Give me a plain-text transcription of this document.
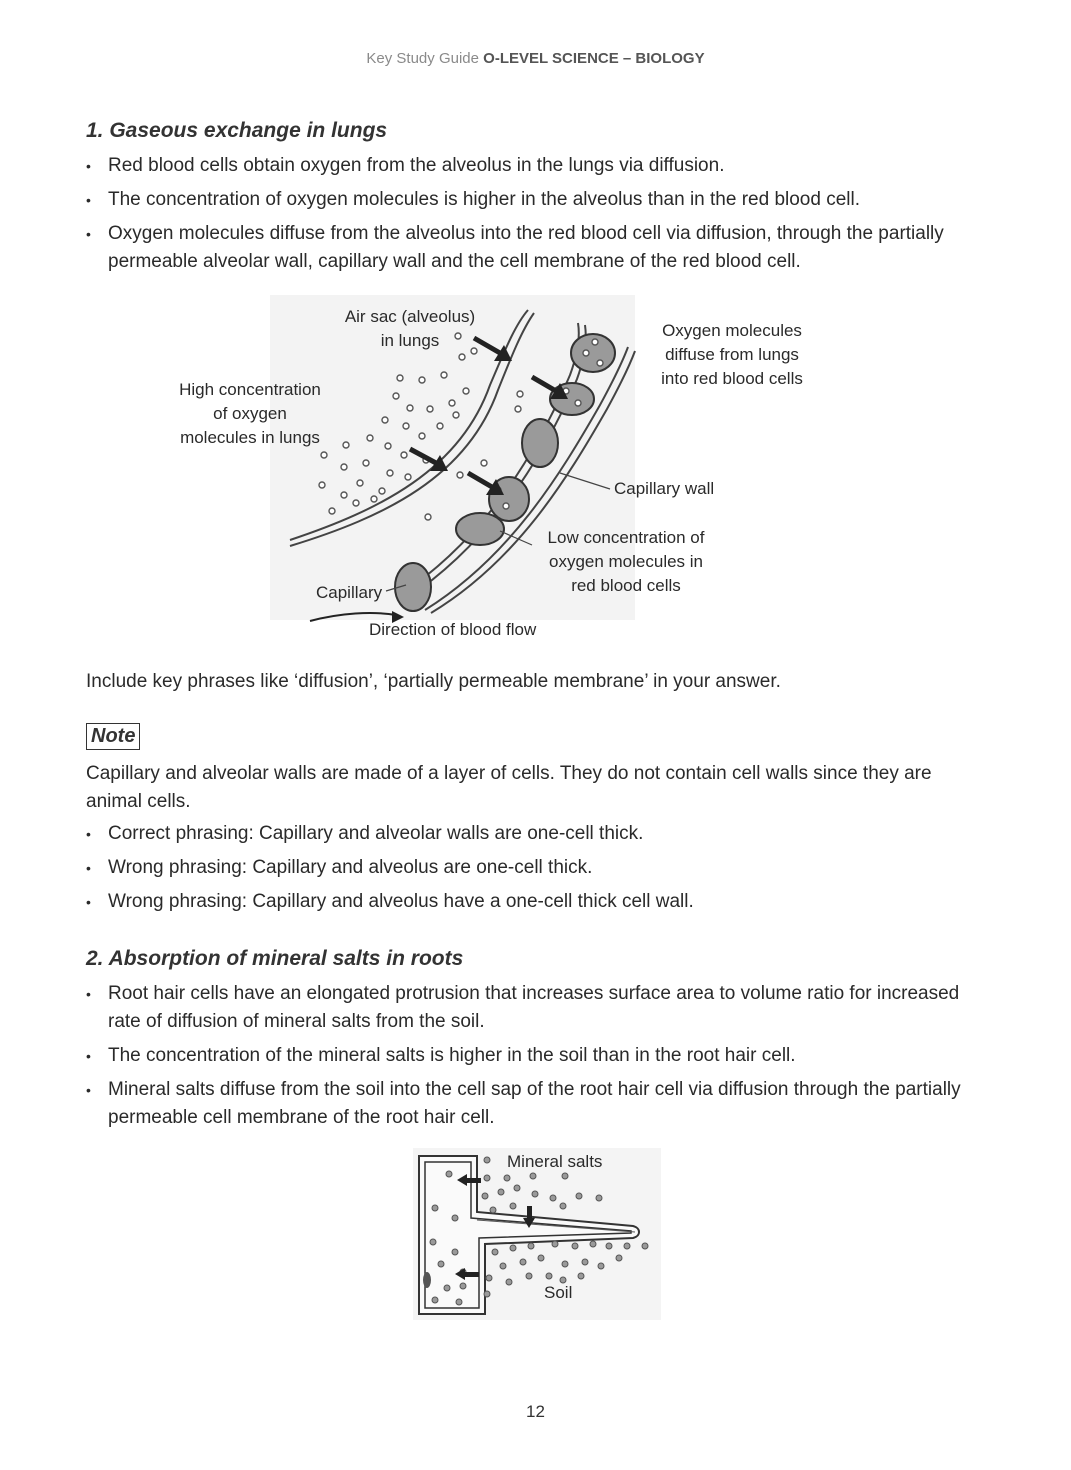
Key Study Guide O-LEVEL SCIENCE – BIOLOGY
1. Gaseous exchange in lungs
• Red blood cells obtain oxygen from the alveolus in the lungs via diffusion.
• The concentration of oxygen molecules is higher in the alveolus than in the red blood cell.
• Oxygen molecules diffuse from the alveolus into the red blood cell via diffusion, through the partially permeable alveolar wall, capillary wall and the cell membrane of the red blood cell.
Air sac (alveolus)
in lungs
High concentration
of oxygen
molecules in lungs
Oxygen molecules
diffuse from lungs
into red blood cells
Capillary wall
Low concentration of
oxygen molecules in
red blood cells
Capillary
Direction of blood flow

Include key phrases like ‘diffusion’, ‘partially permeable membrane’ in your answer.

Note

Capillary and alveolar walls are made of a layer of cells. They do not contain cell walls since they are animal cells.

• Correct phrasing: Capillary and alveolar walls are one-cell thick.
• Wrong phrasing: Capillary and alveolus are one-cell thick.
• Wrong phrasing: Capillary and alveolus have a one-cell thick cell wall.
2. Absorption of mineral salts in roots
• Root hair cells have an elongated protrusion that increases surface area to volume ratio for increased rate of diffusion of mineral salts from the soil.
• The concentration of the mineral salts is higher in the soil than in the root hair cell.
• Mineral salts diffuse from the soil into the cell sap of the root hair cell via diffusion through the partially permeable cell membrane of the root hair cell.
Mineral salts
Soil
12
